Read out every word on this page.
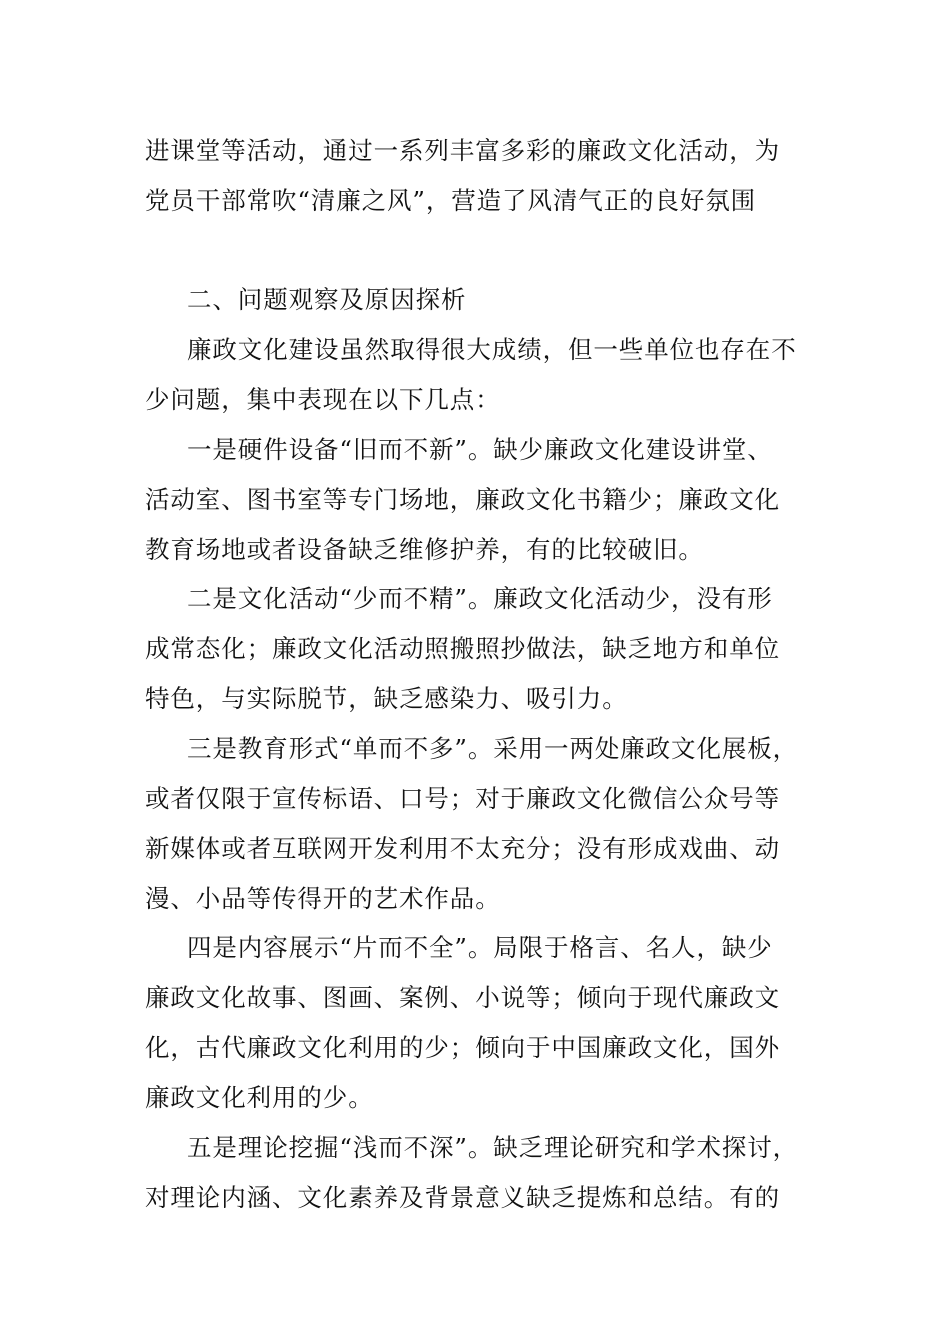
进课堂等活动，通过一系列丰富多彩的廉政文化活动，为
党员干部常吹“清廉之风”，营造了风清气正的良好氛围
二、问题观察及原因探析
廉政文化建设虽然取得很大成绩，但一些单位也存在不
少问题，集中表现在以下几点：
一是硬件设备“旧而不新”。缺少廉政文化建设讲堂、
活动室、图书室等专门场地，廉政文化书籍少；廉政文化
教育场地或者设备缺乏维修护养，有的比较破旧。
二是文化活动“少而不精”。廉政文化活动少，没有形
成常态化；廉政文化活动照搬照抄做法，缺乏地方和单位
特色，与实际脱节，缺乏感染力、吸引力。
三是教育形式“单而不多”。采用一两处廉政文化展板，
或者仅限于宣传标语、口号；对于廉政文化微信公众号等
新媒体或者互联网开发利用不太充分；没有形成戏曲、动
漫、小品等传得开的艺术作品。
四是内容展示“片而不全”。局限于格言、名人，缺少
廉政文化故事、图画、案例、小说等；倾向于现代廉政文
化，古代廉政文化利用的少；倾向于中国廉政文化，国外
廉政文化利用的少。
五是理论挖掘“浅而不深”。缺乏理论研究和学术探讨，
对理论内涵、文化素养及背景意义缺乏提炼和总结。有的
